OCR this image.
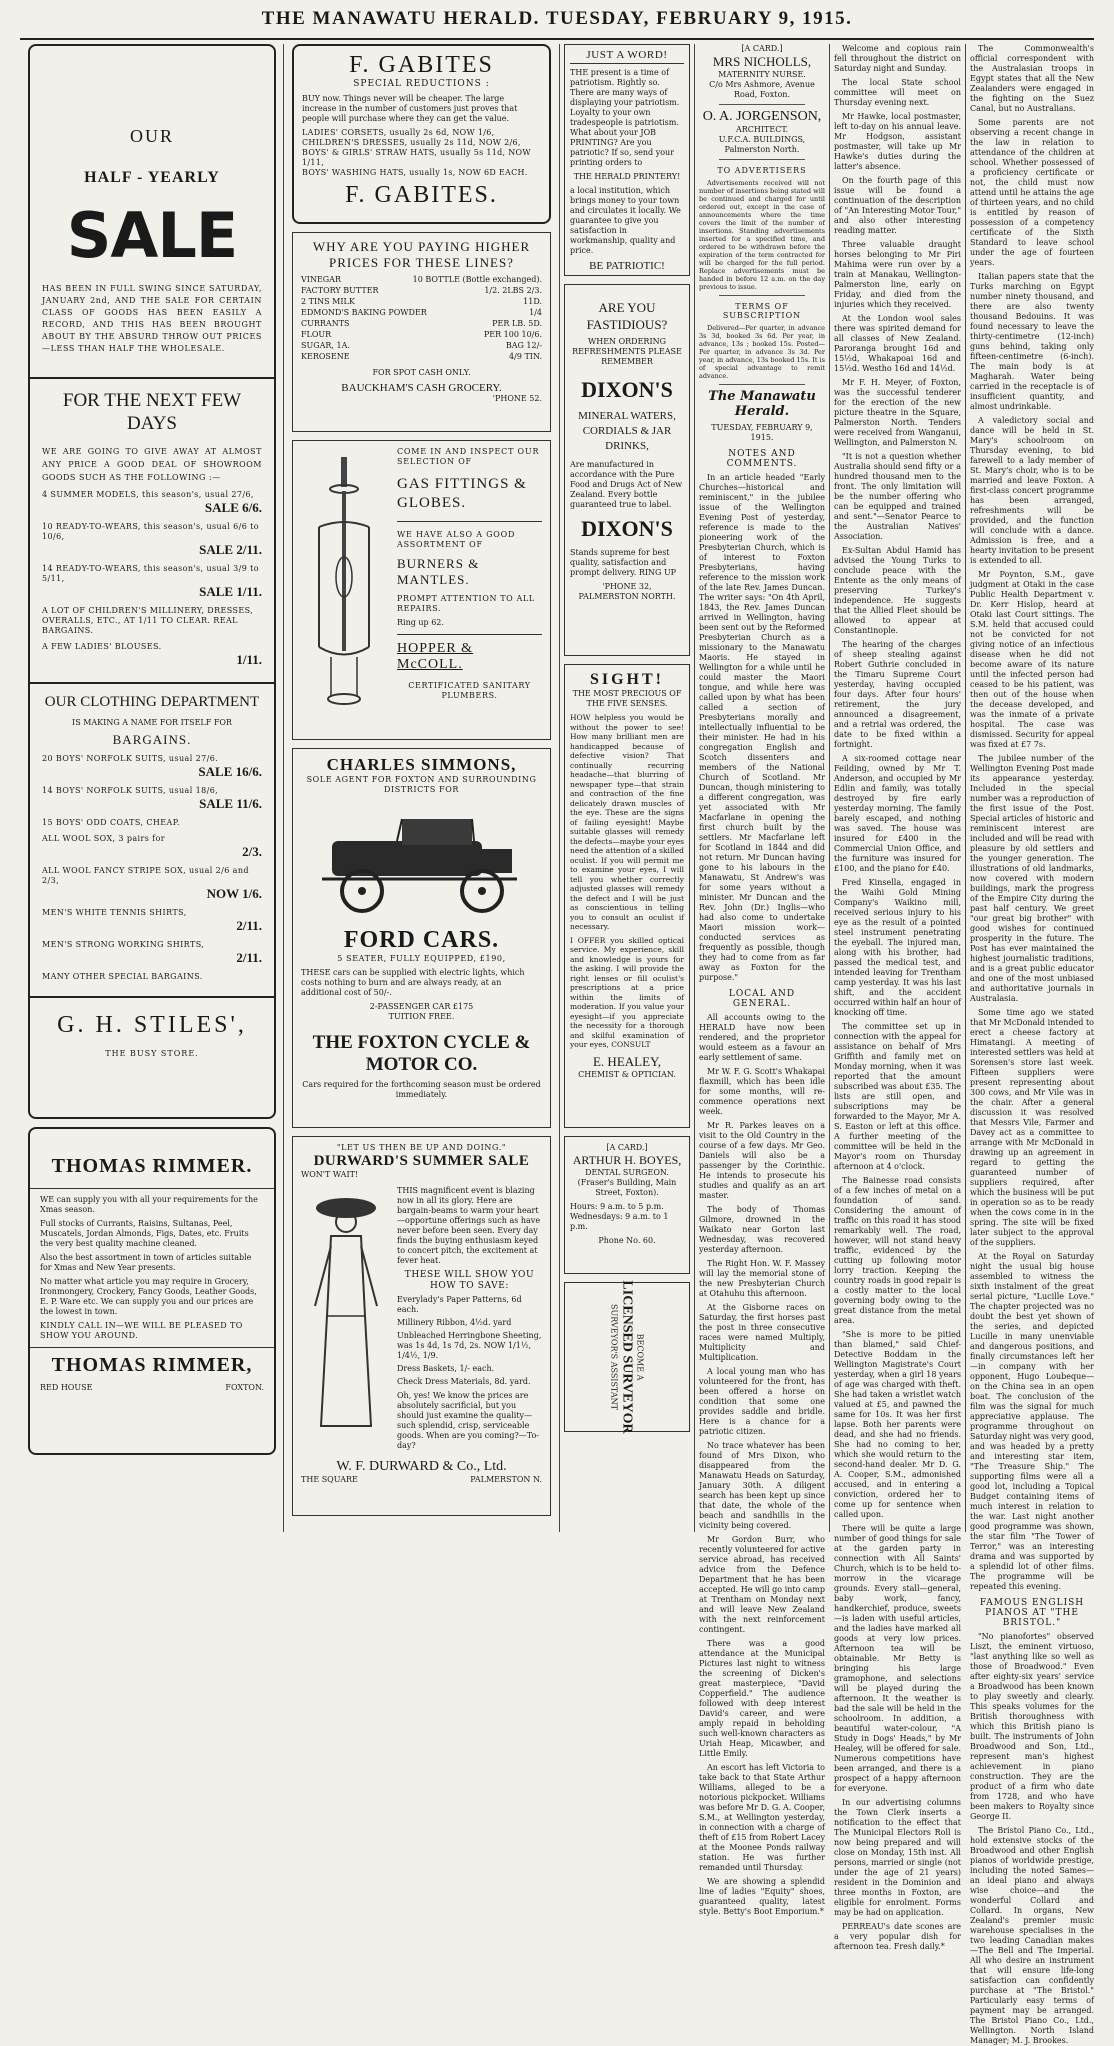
THE MANAWATU HERALD. TUESDAY, FEBRUARY 9, 1915.
OUR
HALF - YEARLY
SALE

HAS BEEN IN FULL SWING SINCE SATURDAY, JANUARY 2nd, AND THE SALE FOR CERTAIN CLASS OF GOODS HAS BEEN EASILY A RECORD, AND THIS HAS BEEN BROUGHT ABOUT BY THE ABSURD THROW OUT PRICES—LESS THAN HALF THE WHOLESALE.

FOR THE NEXT FEW DAYS

WE ARE GOING TO GIVE AWAY AT ALMOST ANY PRICE A GOOD DEAL OF SHOWROOM GOODS SUCH AS THE FOLLOWING :—

4 SUMMER MODELS, this season's, usual 27/6,
SALE 6/6.
10 READY-TO-WEARS, this season's, usual 6/6 to 10/6,
SALE 2/11.
14 READY-TO-WEARS, this season's, usual 3/9 to 5/11,
SALE 1/11.
A LOT OF CHILDREN'S MILLINERY, DRESSES, OVERALLS, ETC., AT 1/11 TO CLEAR. REAL BARGAINS.
A FEW LADIES' BLOUSES.
1/11.
OUR CLOTHING DEPARTMENT
IS MAKING A NAME FOR ITSELF FOR
BARGAINS.
20 BOYS' NORFOLK SUITS, usual 27/6.
SALE 16/6.
14 BOYS' NORFOLK SUITS, usual 18/6,
SALE 11/6.
15 BOYS' ODD COATS, CHEAP.
ALL WOOL SOX, 3 pairs for
2/3.
ALL WOOL FANCY STRIPE SOX, usual 2/6 and 2/3,
NOW 1/6.
MEN'S WHITE TENNIS SHIRTS,
2/11.
MEN'S STRONG WORKING SHIRTS,
2/11.
MANY OTHER SPECIAL BARGAINS.
G. H. STILES',
THE BUSY STORE.
THOMAS RIMMER.

WE can supply you with all your requirements for the Xmas season.

Full stocks of Currants, Raisins, Sultanas, Peel, Muscatels, Jordan Almonds, Figs, Dates, etc. Fruits the very best quality machine cleaned.

Also the best assortment in town of articles suitable for Xmas and New Year presents.

No matter what article you may require in Grocery, Ironmongery, Crockery, Fancy Goods, Leather Goods, E. P. Ware etc. We can supply you and our prices are the lowest in town.

KINDLY CALL IN—WE WILL BE PLEASED TO SHOW YOU AROUND.

THOMAS RIMMER,
RED HOUSE	FOXTON.
F. GABITES
SPECIAL REDUCTIONS :

BUY now. Things never will be cheaper. The large increase in the number of customers just proves that people will purchase where they can get the value.

LADIES' CORSETS, usually 2s 6d, NOW 1/6,
CHILDREN'S DRESSES, usually 2s 11d, NOW 2/6,
BOYS' & GIRLS' STRAW HATS, usually 5s 11d, NOW 1/11,
BOYS' WASHING HATS, usually 1s, NOW 6D EACH.
F. GABITES.
WHY ARE YOU PAYING HIGHER PRICES FOR THESE LINES?
VINEGAR	10 BOTTLE (Bottle exchanged).
FACTORY BUTTER	1/2. 2LBS 2/3.
2 TINS MILK	11D.
EDMOND'S BAKING POWDER	1/4
CURRANTS	PER LB. 5D.
FLOUR	PER 100 10/6.
SUGAR, 1A.	BAG 12/-
KEROSENE	4/9 TIN.
FOR SPOT CASH ONLY.
BAUCKHAM'S CASH GROCERY.
'PHONE 52.
COME IN AND INSPECT OUR SELECTION OF
GAS FITTINGS & GLOBES.
WE HAVE ALSO A GOOD ASSORTMENT OF
BURNERS & MANTLES.
PROMPT ATTENTION TO ALL REPAIRS.
Ring up 62.
HOPPER & McCOLL.
CERTIFICATED SANITARY PLUMBERS.
CHARLES SIMMONS,
SOLE AGENT FOR FOXTON AND SURROUNDING DISTRICTS FOR
FORD CARS.
5 SEATER, FULLY EQUIPPED, £190,

THESE cars can be supplied with electric lights, which costs nothing to burn and are always ready, at an additional cost of 50/-.

2-PASSENGER CAR £175
TUITION FREE.
THE FOXTON CYCLE & MOTOR CO.
Cars required for the forthcoming season must be ordered immediately.
"LET US THEN BE UP AND DOING."
DURWARD'S SUMMER SALE
WON'T WAIT!

THIS magnificent event is blazing now in all its glory. Here are bargain-beams to warm your heart—opportune offerings such as have never before been seen. Every day finds the buying enthusiasm keyed to concert pitch, the excitement at fever heat.

THESE WILL SHOW YOU HOW TO SAVE:
Everylady's Paper Patterns, 6d each.
Millinery Ribbon, 4½d. yard
Unbleached Herringbone Sheeting, was 1s 4d, 1s 7d, 2s. NOW 1/1½, 1/4½, 1/9.
Dress Baskets, 1/- each.
Check Dress Materials, 8d. yard.

Oh, yes! We know the prices are absolutely sacrificial, but you should just examine the quality—such splendid, crisp, serviceable goods. When are you coming?—To-day?

W. F. DURWARD & Co., Ltd.
THE SQUARE	PALMERSTON N.
JUST A WORD!

THE present is a time of patriotism. Rightly so. There are many ways of displaying your patriotism. Loyalty to your own tradespeople is patriotism. What about your JOB PRINTING? Are you patriotic? If so, send your printing orders to

THE HERALD PRINTERY!

a local institution, which brings money to your town and circulates it locally. We guarantee to give you satisfaction in workmanship, quality and price.

BE PATRIOTIC!
ARE YOU FASTIDIOUS?
WHEN ORDERING REFRESHMENTS PLEASE REMEMBER
DIXON'S
MINERAL WATERS, CORDIALS & JAR DRINKS,

Are manufactured in accordance with the Pure Food and Drugs Act of New Zealand. Every bottle guaranteed true to label.

DIXON'S

Stands supreme for best quality, satisfaction and prompt delivery. RING UP

'PHONE 32,
PALMERSTON NORTH.
SIGHT!
THE MOST PRECIOUS OF THE FIVE SENSES.

HOW helpless you would be without the power to see! How many brilliant men are handicapped because of defective vision? That continually recurring headache—that blurring of newspaper type—that strain and contraction of the fine delicately drawn muscles of the eye. These are the signs of failing eyesight! Maybe suitable glasses will remedy the defects—maybe your eyes need the attention of a skilled oculist. If you will permit me to examine your eyes, I will tell you whether correctly adjusted glasses will remedy the defect and I will be just as conscientious in telling you to consult an oculist if necessary.

I OFFER you skilled optical service. My experience, skill and knowledge is yours for the asking. I will provide the right lenses or fill oculist's prescriptions at a price within the limits of moderation. If you value your eyesight—if you appreciate the necessity for a thorough and skilful examination of your eyes, CONSULT

E. HEALEY,
CHEMIST & OPTICIAN.
[A CARD.]
ARTHUR H. BOYES,
DENTAL SURGEON.
(Fraser's Building, Main Street, Foxton).

Hours: 9 a.m. to 5 p.m. Wednesdays: 9 a.m. to 1 p.m.

Phone No. 60.
BECOME A
LICENSED SURVEYOR
SURVEYOR'S ASSISTANT
[A CARD.]
MRS NICHOLLS,
MATERNITY NURSE.
C/o Mrs Ashmore, Avenue Road, Foxton.
O. A. JORGENSON,
ARCHITECT.
U.F.C.A. BUILDINGS, Palmerston North.
TO ADVERTISERS

Advertisements received will not number of insertions being stated will be continued and charged for until ordered out, except in the case of announcements where the time covers the limit of the number of insertions. Standing advertisements inserted for a specified time, and ordered to be withdrawn before the expiration of the term contracted for will be charged for the full period. Replace advertisements must be handed in before 12 a.m. on the day previous to issue.

TERMS OF SUBSCRIPTION

Delivered—Per quarter, in advance 3s 3d, booked 3s 6d. Per year, in advance, 13s ; booked 15s. Posted—Per quarter, in advance 3s 3d. Per year, in advance, 13s booked 15s. It is of special advantage to remit advance.

The Manawatu Herald.
TUESDAY, FEBRUARY 9, 1915.
NOTES AND COMMENTS.

In an article headed "Early Churches—historical and reminiscent," in the jubilee issue of the Wellington Evening Post of yesterday, reference is made to the pioneering work of the Presbyterian Church, which is of interest to Foxton Presbyterians, having reference to the mission work of the late Rev. James Duncan. The writer says: "On 4th April, 1843, the Rev. James Duncan arrived in Wellington, having been sent out by the Reformed Presbyterian Church as a missionary to the Manawatu Maoris. He stayed in Wellington for a while until he could master the Maori tongue, and while here was called upon by what has been called a section of Presbyterians morally and intellectually influential to be their minister. He had in his congregation English and Scotch dissenters and members of the National Church of Scotland. Mr Duncan, though ministering to a different congregation, was yet associated with Mr Macfarlane in opening the first church built by the settlers. Mr Macfarlane left for Scotland in 1844 and did not return. Mr Duncan having gone to his labours in the Manawatu, St Andrew's was for some years without a minister. Mr Duncan and the Rev. John (Dr.) Inglis—who had also come to undertake Maori mission work—conducted services as frequently as possible, though they had to come from as far away as Foxton for the purpose."

LOCAL AND GENERAL.

All accounts owing to the HERALD have now been rendered, and the proprietor would esteem as a favour an early settlement of same.

Mr W. F. G. Scott's Whakapai flaxmill, which has been idle for some months, will re-commence operations next week.

Mr R. Parkes leaves on a visit to the Old Country in the course of a few days. Mr Geo. Daniels will also be a passenger by the Corinthic. He intends to prosecute his studies and qualify as an art master.

The body of Thomas Gilmore, drowned in the Waikato near Gorton last Wednesday, was recovered yesterday afternoon.

The Right Hon. W. F. Massey will lay the memorial stone of the new Presbyterian Church at Otahuhu this afternoon.

At the Gisborne races on Saturday, the first horses past the post in three consecutive races were named Multiply, Multiplicity and Multiplication.

A local young man who has volunteered for the front, has been offered a horse on condition that some one provides saddle and bridle. Here is a chance for a patriotic citizen.

No trace whatever has been found of Mrs Dixon, who disappeared from the Manawatu Heads on Saturday, January 30th. A diligent search has been kept up since that date, the whole of the beach and sandhills in the vicinity being covered.

Mr Gordon Burr, who recently volunteered for active service abroad, has received advice from the Defence Department that he has been accepted. He will go into camp at Trentham on Monday next and will leave New Zealand with the next reinforcement contingent.

There was a good attendance at the Municipal Pictures last night to witness the screening of Dicken's great masterpiece, "David Copperfield." The audience followed with deep interest David's career, and were amply repaid in beholding such well-known characters as Uriah Heap, Micawber, and Little Emily.

An escort has left Victoria to take back to that State Arthur Williams, alleged to be a notorious pickpocket. Williams was before Mr D. G. A. Cooper, S.M., at Wellington yesterday, in connection with a charge of theft of £15 from Robert Lacey at the Moonee Ponds railway station. He was further remanded until Thursday.

We are showing a splendid line of ladies "Equity" shoes, guaranteed quality, latest style. Betty's Boot Emporium.*

Welcome and copious rain fell throughout the district on Saturday night and Sunday.

The local State school committee will meet on Thursday evening next.

Mr Hawke, local postmaster, left to-day on his annual leave. Mr Hodgson, assistant postmaster, will take up Mr Hawke's duties during the latter's absence.

On the fourth page of this issue will be found a continuation of the description of "An Interesting Motor Tour," and also other interesting reading matter.

Three valuable draught horses belonging to Mr Piri Mahima were run over by a train at Manakau, Wellington-Palmerston line, early on Friday, and died from the injuries which they received.

At the London wool sales there was spirited demand for all classes of New Zealand. Paroranga brought 16d and 15½d, Whakapoai 16d and 15½d. Westho 16d and 14½d.

Mr F. H. Meyer, of Foxton, was the successful tenderer for the erection of the new picture theatre in the Square, Palmerston North. Tenders were received from Wanganui, Wellington, and Palmerston N.

"It is not a question whether Australia should send fifty or a hundred thousand men to the front. The only limitation will be the number offering who can be equipped and trained and sent."—Senator Pearce to the Australian Natives' Association.

Ex-Sultan Abdul Hamid has advised the Young Turks to conclude peace with the Entente as the only means of preserving Turkey's independence. He suggests that the Allied Fleet should be allowed to appear at Constantinople.

The hearing of the charges of sheep stealing against Robert Guthrie concluded in the Timaru Supreme Court yesterday, having occupied four days. After four hours' retirement, the jury announced a disagreement, and a retrial was ordered, the date to be fixed within a fortnight.

A six-roomed cottage near Feilding, owned by Mr T. Anderson, and occupied by Mr Edlin and family, was totally destroyed by fire early yesterday morning. The family barely escaped, and nothing was saved. The house was insured for £400 in the Commercial Union Office, and the furniture was insured for £100, and the piano for £40.

Fred Kinsella, engaged in the Waihi Gold Mining Company's Waikino mill, received serious injury to his eye as the result of a pointed steel instrument penetrating the eyeball. The injured man, along with his brother, had passed the medical test, and intended leaving for Trentham camp yesterday. It was his last shift, and the accident occurred within half an hour of knocking off time.

The committee set up in connection with the appeal for assistance on behalf of Mrs Griffith and family met on Monday morning, when it was reported that the amount subscribed was about £35. The lists are still open, and subscriptions may be forwarded to the Mayor, Mr A. S. Easton or left at this office. A further meeting of the committee will be held in the Mayor's room on Thursday afternoon at 4 o'clock.

The Bainesse road consists of a few inches of metal on a foundation of sand. Considering the amount of traffic on this road it has stood remarkably well. The road, however, will not stand heavy traffic, evidenced by the cutting up following motor lorry traction. Keeping the country roads in good repair is a costly matter to the local governing body owing to the great distance from the metal area.

"She is more to be pitied than blamed," said Chief-Detective Boddam in the Wellington Magistrate's Court yesterday, when a girl 18 years of age was charged with theft. She had taken a wristlet watch valued at £5, and pawned the same for 10s. It was her first lapse. Both her parents were dead, and she had no friends. She had no coming to her, which she would return to the second-hand dealer. Mr D. G. A. Cooper, S.M., admonished accused, and in entering a conviction, ordered her to come up for sentence when called upon.

There will be quite a large number of good things for sale at the garden party in connection with All Saints' Church, which is to be held to-morrow in the vicarage grounds. Every stall—general, baby work, fancy, handkerchief, produce, sweets—is laden with useful articles, and the ladies have marked all goods at very low prices. Afternoon tea will be obtainable. Mr Betty is bringing his large gramophone, and selections will be played during the afternoon. It the weather is bad the sale will be held in the schoolroom. In addition, a beautiful water-colour, "A Study in Dogs' Heads," by Mr Healey, will be offered for sale. Numerous competitions have been arranged, and there is a prospect of a happy afternoon for everyone.

In our advertising columns the Town Clerk inserts a notification to the effect that The Municipal Electors Roll is now being prepared and will close on Monday, 15th inst. All persons, married or single (not under the age of 21 years) resident in the Dominion and three months in Foxton, are eligible for enrolment. Forms may be had on application.

PERREAU's date scones are a very popular dish for afternoon tea. Fresh daily.*

The Commonwealth's official correspondent with the Australasian troops in Egypt states that all the New Zealanders were engaged in the fighting on the Suez Canal, but no Australians.

Some parents are not observing a recent change in the law in relation to attendance of the children at school. Whether possessed of a proficiency certificate or not, the child must now attend until he attains the age of thirteen years, and no child is entitled by reason of possession of a competency certificate of the Sixth Standard to leave school under the age of fourteen years.

Italian papers state that the Turks marching on Egypt number ninety thousand, and there are also twenty thousand Bedouins. It was found necessary to leave the thirty-centimetre (12-inch) guns behind, taking only fifteen-centimetre (6-inch). The main body is at Magharah. Water being carried in the receptacle is of insufficient quantity, and almost undrinkable.

A valedictory social and dance will be held in St. Mary's schoolroom on Thursday evening, to bid farewell to a lady member of St. Mary's choir, who is to be married and leave Foxton. A first-class concert programme has been arranged, refreshments will be provided, and the function will conclude with a dance. Admission is free, and a hearty invitation to be present is extended to all.

Mr Poynton, S.M., gave judgment at Otaki in the case Public Health Department v. Dr. Kerr Hislop, heard at Otaki last Court sittings. The S.M. held that accused could not be convicted for not giving notice of an infectious disease when he did not become aware of its nature until the infected person had ceased to be his patient, was then out of the house when the decease developed, and was the inmate of a private hospital. The case was dismissed. Security for appeal was fixed at £7 7s.

The jubilee number of the Wellington Evening Post made its appearance yesterday. Included in the special number was a reproduction of the first issue of the Post. Special articles of historic and reminiscent interest are included and will be read with pleasure by old settlers and the younger generation. The illustrations of old landmarks, now covered with modern buildings, mark the progress of the Empire City during the past half century. We greet "our great big brother" with good wishes for continued prosperity in the future. The Post has ever maintained the highest journalistic traditions, and is a great public educator and one of the most unbiased and authoritative journals in Australasia.

Some time ago we stated that Mr McDonald intended to erect a cheese factory at Himatangi. A meeting of interested settlers was held at Sorensen's store last week. Fifteen suppliers were present representing about 300 cows, and Mr Vile was in the chair. After a general discussion it was resolved that Messrs Vile, Farmer and Davey act as a committee to arrange with Mr McDonald in drawing up an agreement in regard to getting the guaranteed number of suppliers required, after which the business will be put in operation so as to be ready when the cows come in in the spring. The site will be fixed later subject to the approval of the suppliers.

At the Royal on Saturday night the usual big house assembled to witness the sixth instalment of the great serial picture, "Lucille Love." The chapter projected was no doubt the best yet shown of the series, and depicted Lucille in many unenviable and dangerous positions, and finally circumstances left her—in company with her opponent, Hugo Loubeque—on the China sea in an open boat. The conclusion of the film was the signal for much appreciative applause. The programme throughout on Saturday night was very good, and was headed by a pretty and interesting star item, "The Treasure Ship." The supporting films were all a good lot, including a Topical Budget containing items of much interest in relation to the war. Last night another good programme was shown, the star film "The Tower of Terror," was an interesting drama and was supported by a splendid lot of other films. The programme will be repeated this evening.

FAMOUS ENGLISH PIANOS AT "THE BRISTOL."

"No pianofortes" observed Liszt, the eminent virtuoso, "last anything like so well as those of Broadwood." Even after eighty-six years' service a Broadwood has been known to play sweetly and clearly. This speaks volumes for the British thoroughness with which this British piano is built. The instruments of John Broadwood and Son, Ltd., represent man's highest achievement in piano construction. They are the product of a firm who date from 1728, and who have been makers to Royalty since George II.

The Bristol Piano Co., Ltd., hold extensive stocks of the Broadwood and other English pianos of worldwide prestige, including the noted Sames—an ideal piano and always wise choice—and the wonderful Collard and Collard. In organs, New Zealand's premier music warehouse specialises in the two leading Canadian makes—The Bell and The Imperial. All who desire an instrument that will ensure life-long satisfaction can confidently purchase at "The Bristol." Particularly easy terms of payment may be arranged. The Bristol Piano Co., Ltd., Wellington. North Island Manager; M. J. Brookes.
